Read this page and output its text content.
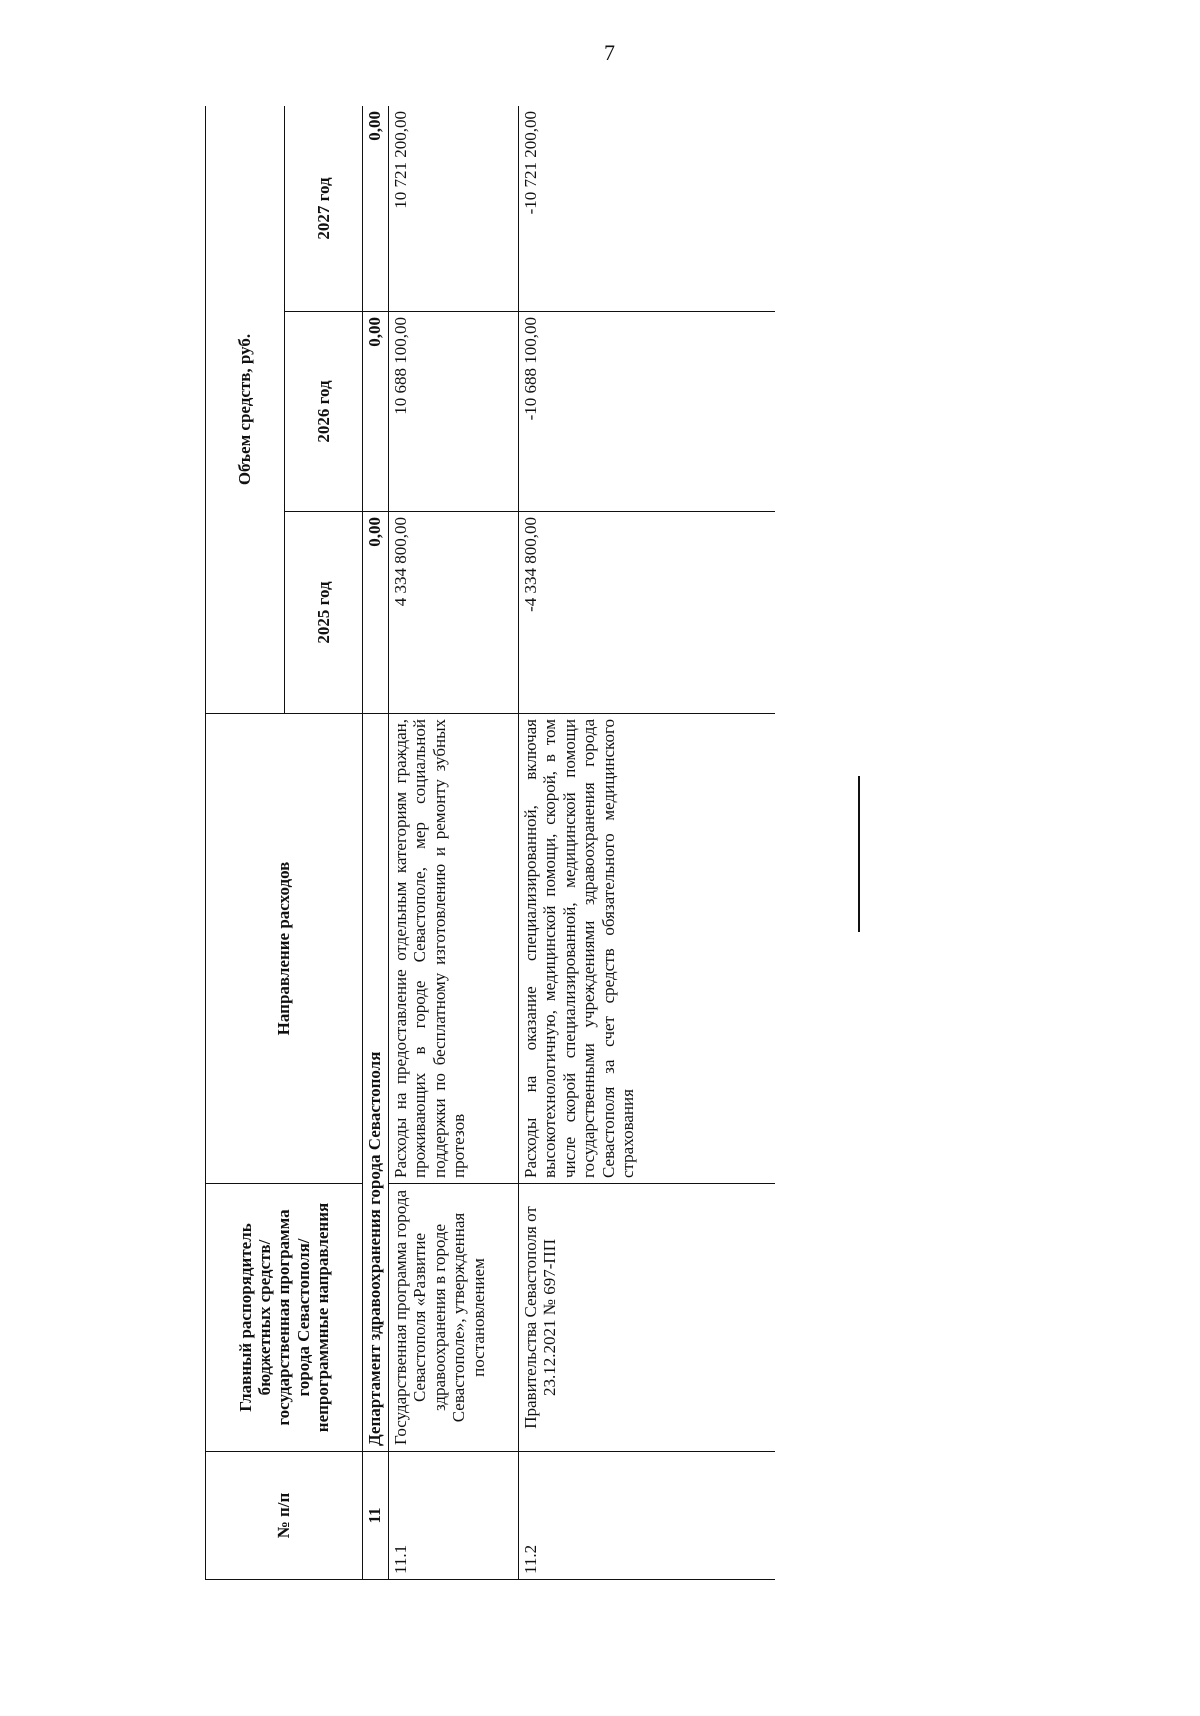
7
№ п/п	Главный распорядитель бюджетных средств/государственная программа города Севастополя/непрограммные направления	Направление расходов	Объем средств, руб.		
			2025 год	2026 год	2027 год
11	Департамент здравоохранения города Севастополя		0,00	0,00	0,00
11.1	Государственная программа города Севастополя «Развитие здравоохранения в городе Севастополе», утвержденная постановлением	Расходы на предоставление отдельным категориям граждан, проживающих в городе Севастополе, мер социальной поддержки по бесплатному изготовлению и ремонту зубных протезов	4 334 800,00	10 688 100,00	10 721 200,00
11.2	Правительства Севастополя от 23.12.2021 № 697-ПП	Расходы на оказание специализированной, включая высокотехнологичную, медицинской помощи, скорой, в том числе скорой специализированной, медицинской помощи государственными учреждениями здравоохранения города Севастополя за счет средств обязательного медицинского страхования	-4 334 800,00	-10 688 100,00	-10 721 200,00
